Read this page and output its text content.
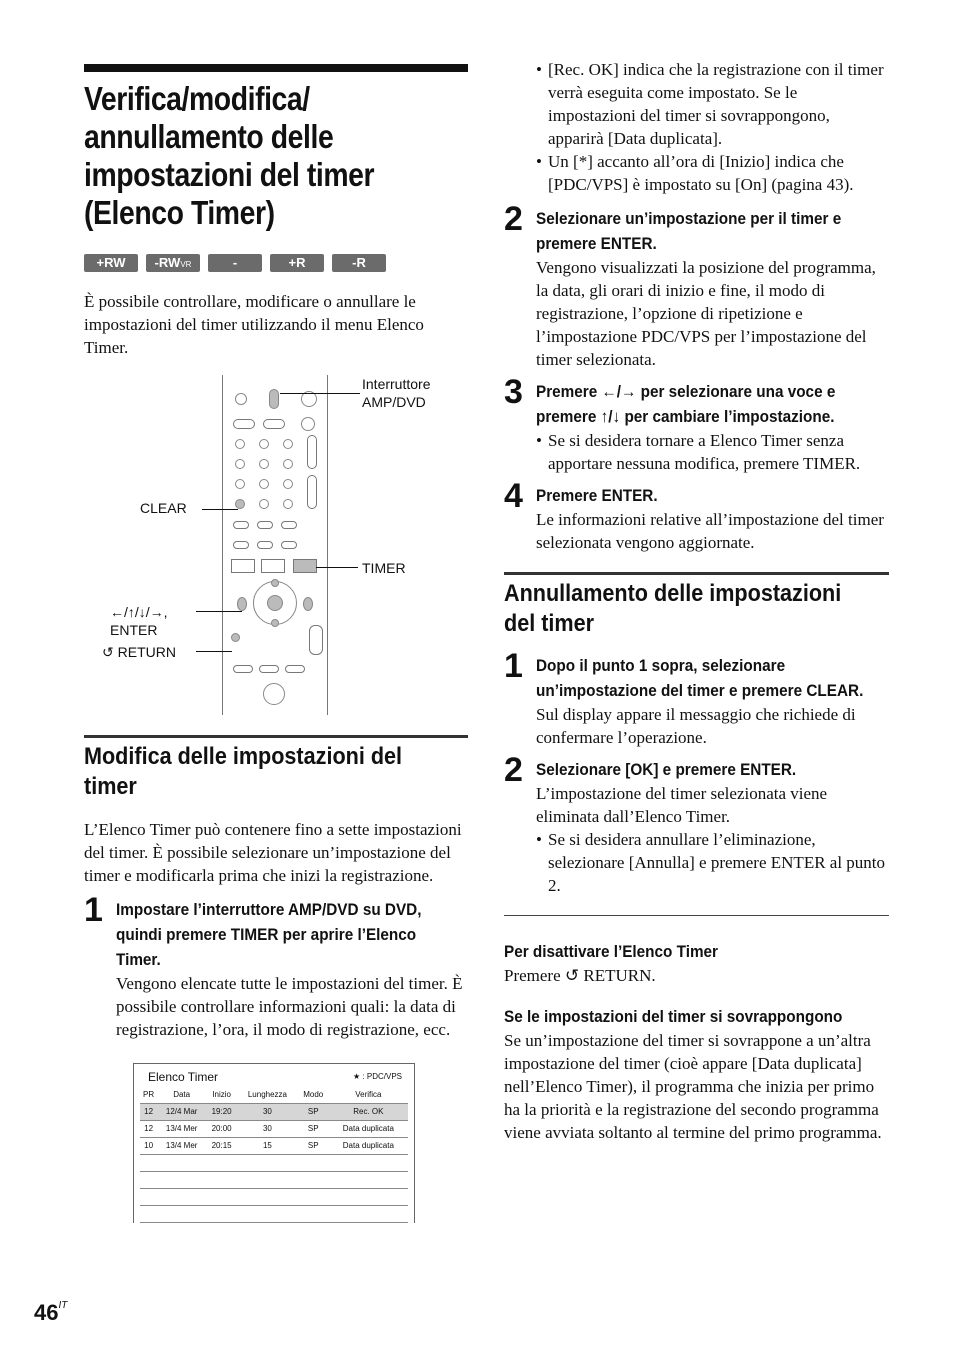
Verifica/modifica/
annullamento delle
impostazioni del timer
(Elenco Timer)
+RW	-RWVR	-RWVideo
+R	-R

È possibile controllare, modificare o annullare le impostazioni del timer utilizzando il menu Elenco Timer.

Interruttore
AMP/DVD
CLEAR
TIMER
←/↑/↓/→,
ENTER
↺ RETURN
Modifica delle impostazioni del
timer

L’Elenco Timer può contenere fino a sette impostazioni del timer. È possibile selezionare un’impostazione del timer e modificarla prima che inizi la registrazione.

1 Impostare l’interruttore AMP/DVD su DVD, quindi premere TIMER per aprire l’Elenco Timer.

Vengono elencate tutte le impostazioni del timer. È possibile controllare informazioni quali: la data di registrazione, l’ora, il modo di registrazione, ecc.

Elenco Timer	★ : PDC/VPS
PR	Data	Inizio	Lunghezza	Modo	Verifica
12	12/4 Mar	19:20	30	SP	Rec. OK
12	13/4 Mer	20:00	30	SP	Data duplicata
10	13/4 Mer	20:15	15	SP	Data duplicata

• [Rec. OK] indica che la registrazione con il timer verrà eseguita come impostato. Se le impostazioni del timer si sovrappongono, apparirà [Data duplicata].
• Un [*] accanto all’ora di [Inizio] indica che [PDC/VPS] è impostato su [On] (pagina 43).
2 Selezionare un’impostazione per il timer e premere ENTER.

Vengono visualizzati la posizione del programma, la data, gli orari di inizio e fine, il modo di registrazione, l’opzione di ripetizione e l’impostazione PDC/VPS per l’impostazione del timer selezionata.

3 Premere ←/→ per selezionare una voce e premere ↑/↓ per cambiare l’impostazione.
• Se si desidera tornare a Elenco Timer senza apportare nessuna modifica, premere TIMER.
4 Premere ENTER.

Le informazioni relative all’impostazione del timer selezionata vengono aggiornate.

Annullamento delle impostazioni
del timer
1 Dopo il punto 1 sopra, selezionare un’impostazione del timer e premere CLEAR.

Sul display appare il messaggio che richiede di confermare l’operazione.

2 Selezionare [OK] e premere ENTER.

L’impostazione del timer selezionata viene eliminata dall’Elenco Timer.

• Se si desidera annullare l’eliminazione, selezionare [Annulla] e premere ENTER al punto 2.
Per disattivare l’Elenco Timer

Premere ↺ RETURN.

Se le impostazioni del timer si sovrappongono

Se un’impostazione del timer si sovrappone a un’altra impostazione del timer (cioè appare [Data duplicata] nell’Elenco Timer), il programma che inizia per primo ha la priorità e la registrazione del secondo programma viene avviata soltanto al termine del primo programma.

$46^{IT}$
